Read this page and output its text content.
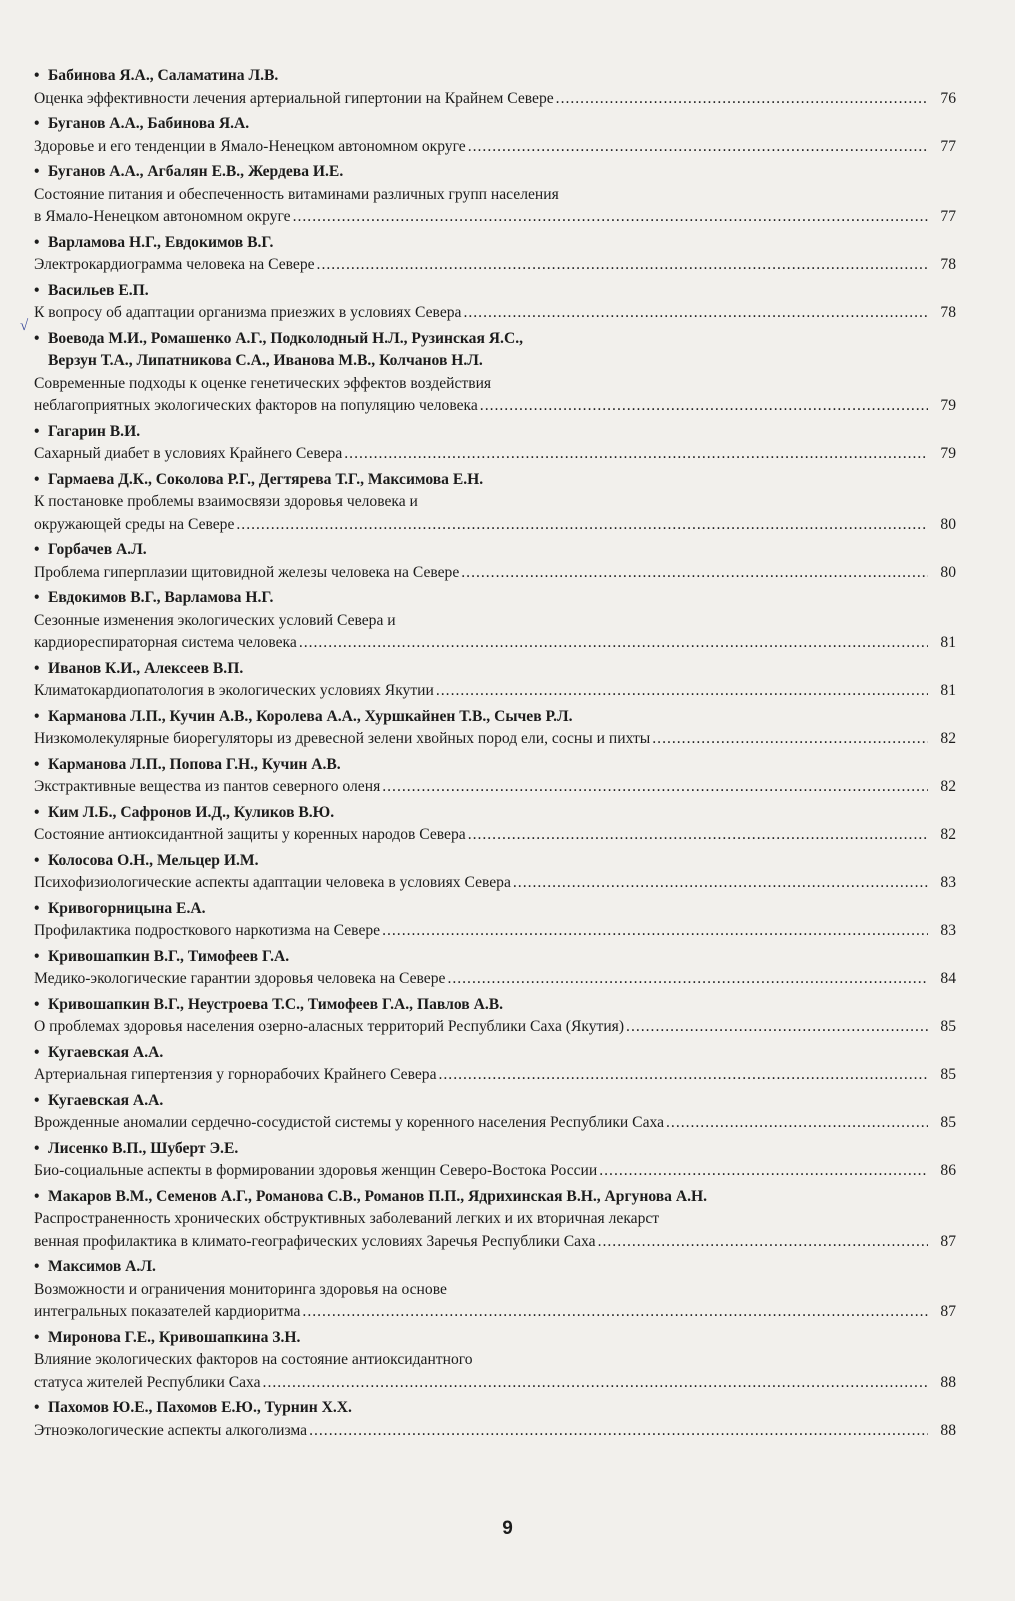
• Бабинова Я.А., Саламатина Л.В.
Оценка эффективности лечения артериальной гипертонии на Крайнем Севере .....	76
• Буганов А.А., Бабинова Я.А.
Здоровье и его тенденции в Ямало-Ненецком автономном округе .....	77
• Буганов А.А., Агбалян Е.В., Жердева И.Е.
Состояние питания и обеспеченность витаминами различных групп населения
в Ямало-Ненецком автономном округе .....	77
• Варламова Н.Г., Евдокимов В.Г.
Электрокардиограмма человека на Севере .....	78
• Васильев Е.П.
К вопросу об адаптации организма приезжих в условиях Севера .....	78
• Воевода М.И., Ромашенко А.Г., Подколодный Н.Л., Рузинская Я.С.,
Верзун Т.А., Липатникова С.А., Иванова М.В., Колчанов Н.Л.
Современные подходы к оценке генетических эффектов воздействия
неблагоприятных экологических факторов на популяцию человека .....	79
• Гагарин В.И.
Сахарный диабет в условиях Крайнего Севера .....	79
• Гармаева Д.К., Соколова Р.Г., Дегтярева Т.Г., Максимова Е.Н.
К постановке проблемы взаимосвязи здоровья человека и
окружающей среды на Севере .....	80
• Горбачев А.Л.
Проблема гиперплазии щитовидной железы человека на Севере .....	80
• Евдокимов В.Г., Варламова Н.Г.
Сезонные изменения экологических условий Севера и
кардиореспираторная система человека .....	81
• Иванов К.И., Алексеев В.П.
Климатокардиопатология в экологических условиях Якутии .....	81
• Карманова Л.П., Кучин А.В., Королева А.А., Хуршкайнен Т.В., Сычев Р.Л.
Низкомолекулярные биорегуляторы из древесной зелени хвойных пород ели, сосны и пихты .....	82
• Карманова Л.П., Попова Г.Н., Кучин А.В.
Экстрактивные вещества из пантов северного оленя .....	82
• Ким Л.Б., Сафронов И.Д., Куликов В.Ю.
Состояние антиоксидантной защиты у коренных народов Севера .....	82
• Колосова О.Н., Мельцер И.М.
Психофизиологические аспекты адаптации человека в условиях Севера .....	83
• Кривогорницына Е.А.
Профилактика подросткового наркотизма на Севере .....	83
• Кривошапкин В.Г., Тимофеев Г.А.
Медико-экологические гарантии здоровья человека на Севере .....	84
• Кривошапкин В.Г., Неустроева Т.С., Тимофеев Г.А., Павлов А.В.
О проблемах здоровья населения озерно-аласных территорий Республики Саха (Якутия) .....	85
• Кугаевская А.А.
Артериальная гипертензия у горнорабочих Крайнего Севера .....	85
• Кугаевская А.А.
Врожденные аномалии сердечно-сосудистой системы у коренного населения Республики Саха .....	85
• Лисенко В.П., Шуберт Э.Е.
Био-социальные аспекты в формировании здоровья женщин Северо-Востока России .....	86
• Макаров В.М., Семенов А.Г., Романова С.В., Романов П.П., Ядрихинская В.Н., Аргунова А.Н.
Распространенность хронических обструктивных заболеваний легких и их вторичная лекарст
венная профилактика в климато-географических условиях Заречья Республики Саха .....	87
• Максимов А.Л.
Возможности и ограничения мониторинга здоровья на основе
интегральных показателей кардиоритма .....	87
• Миронова Г.Е., Кривошапкина З.Н.
Влияние экологических факторов на состояние антиоксидантного
статуса жителей Республики Саха .....	88
• Пахомов Ю.Е., Пахомов Е.Ю., Турнин Х.Х.
Этноэкологические аспекты алкоголизма .....	88
√
9
